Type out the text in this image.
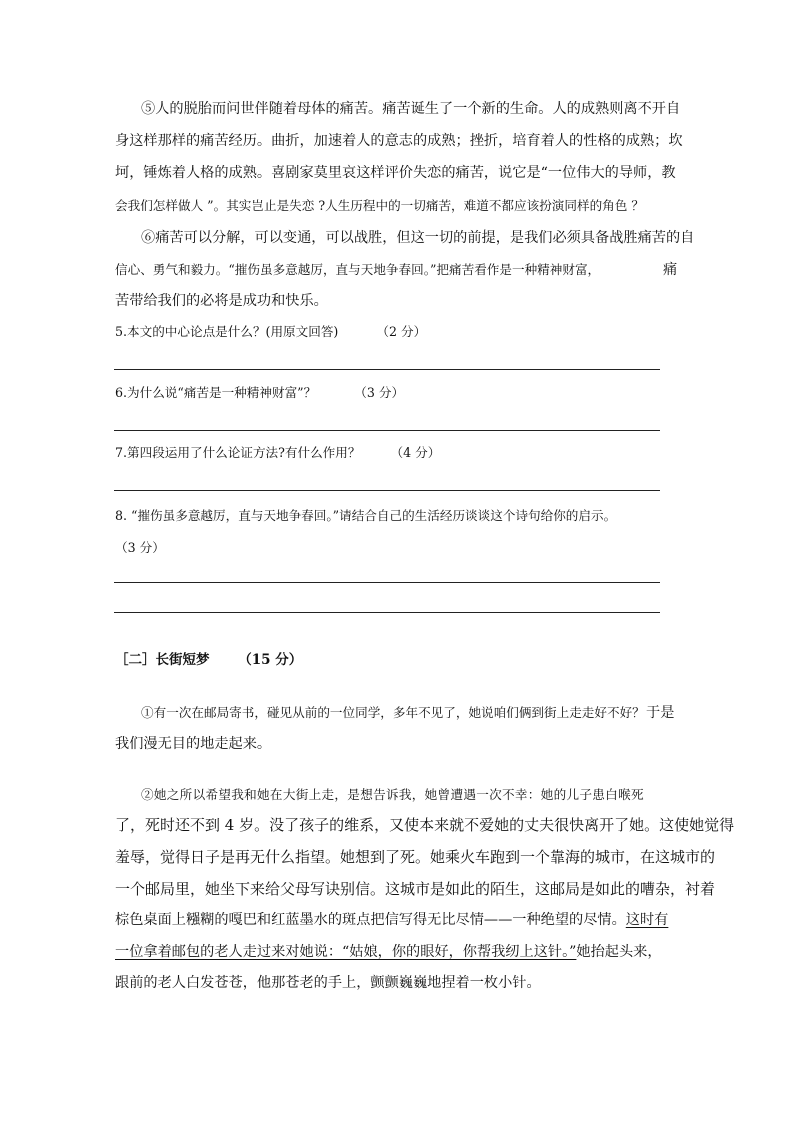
⑤人的脱胎而问世伴随着母体的痛苦。痛苦诞生了一个新的生命。人的成熟则离不开自
身这样那样的痛苦经历。曲折，加速着人的意志的成熟；挫折，培育着人的性格的成熟；坎
坷，锤炼着人格的成熟。喜剧家莫里哀这样评价失恋的痛苦，说它是“一位伟大的导师，教
会我们怎样做人 ”。其实岂止是失恋 ?人生历程中的一切痛苦，难道不都应该扮演同样的角色 ？
⑥痛苦可以分解，可以变通，可以战胜，但这一切的前提，是我们必须具备战胜痛苦的自
信心、勇气和毅力。“摧伤虽多意越厉，直与天地争春回。”把痛苦看作是一种精神财富，	痛
苦带给我们的必将是成功和快乐。
5.本文的中心论点是什么？(用原文回答)	（2 分）
6.为什么说“痛苦是一种精神财富”？	（3 分）
7.第四段运用了什么论证方法?有什么作用？ （4 分）
8. “摧伤虽多意越厉，直与天地争春回。”请结合自己的生活经历谈谈这个诗句给你的启示。
（3 分）
［二］长街短梦 （15 分）
①有一次在邮局寄书，碰见从前的一位同学，多年不见了，她说咱们俩到街上走走好不好？ 于是
我们漫无目的地走起来。
②她之所以希望我和她在大街上走，是想告诉我，她曾遭遇一次不幸：她的儿子患白喉死
了，死时还不到 4 岁。没了孩子的维系，又使本来就不爱她的丈夫很快离开了她。这使她觉得
羞辱，觉得日子是再无什么指望。她想到了死。她乘火车跑到一个靠海的城市，在这城市的
一个邮局里，她坐下来给父母写诀别信。这城市是如此的陌生，这邮局是如此的嘈杂，衬着
棕色桌面上糨糊的嘎巴和红蓝墨水的斑点把信写得无比尽情——一种绝望的尽情。这时有
一位拿着邮包的老人走过来对她说：“姑娘，你的眼好，你帮我纫上这针。”她抬起头来，
跟前的老人白发苍苍，他那苍老的手上，颤颤巍巍地捏着一枚小针。
